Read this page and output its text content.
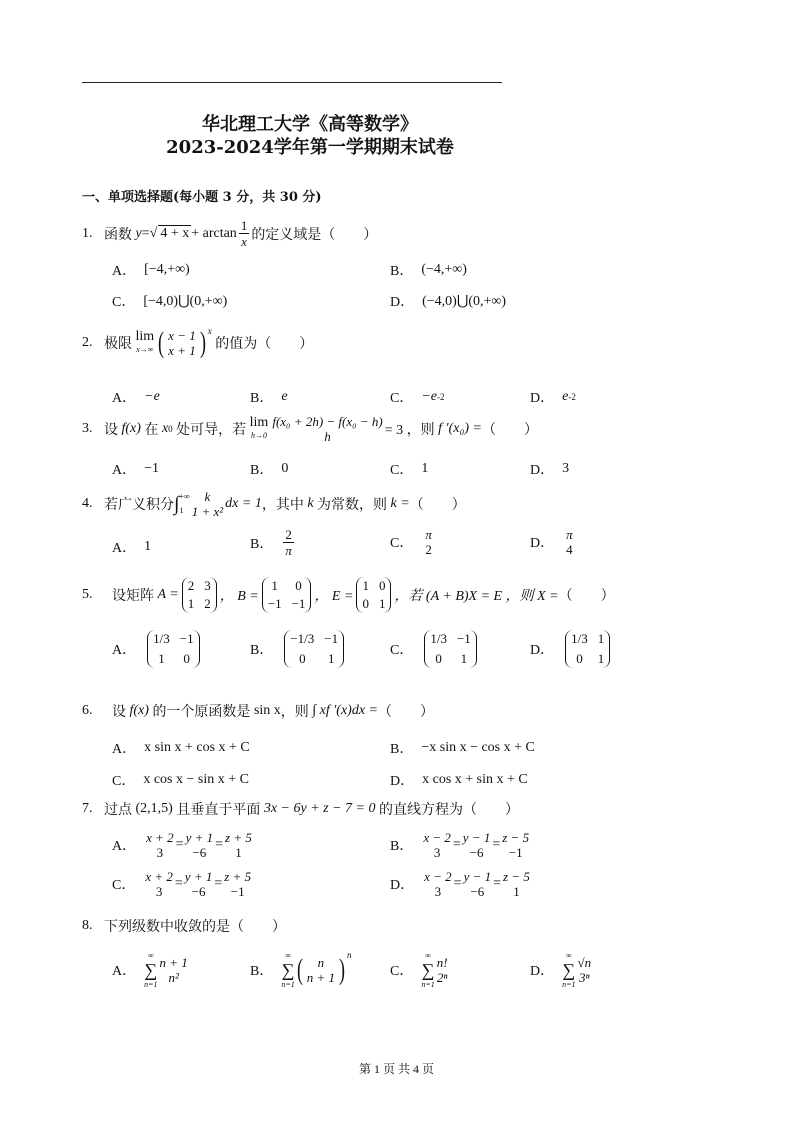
华北理工大学《高等数学》
2023-2024学年第一学期期末试卷
一、单项选择题(每小题 3 分，共 30 分)
1. 函数
y = √ $4 + x + \arctan \frac{1}{x}$ 的定义域是（　　）
A． [−4,+∞)	B． (−4,+∞)
C． [−4,0)⋃(0,+∞)	D． (−4,0)⋃(0,+∞)
2. 极限

lim
x→∞ ( x − 1
x + 1 ) x

的值为（　　）
A． −e	B． e	C． −e -2	D． e -2
3. 设
f(x)
在
x 0
处可导，若

lim
h→0
f(x₀ + 2h) − f(x₀ − h)
h	= 3 ，则
f ′(x₀) = （　　）
A． −1	B． 0	C． 1	D． 3
4. 若广义积分 ∫ +∞
1
k
1 + x²
dx = 1 ，其中
k
为常数，则
k = （　　）
A． 1	B． $\frac{2}{\pi}$	C．
π
2	D．
π
4
5.	设矩阵
A =
2 3
1 2 ， B =
1 0
−1 −1 ， E =
1 0
0 1 ，若 (A + B)X = E ，则 X = （　　）
A．
1/3 −1
1	0
B．
−1/3 −1
0	1
C．
1/3 −1
0	1
D．
1/3 1
0	1
6.	设
f(x)
的一个原函数是
sin x ，则
∫ xf ′(x)dx = （　　）
A． x sin x + cos x + C	B． −x sin x − cos x + C
C． x cos x − sin x + C	D． x cos x + sin x + C
7. 过点
(2,1,5)
且垂直于平面
3x − 6y + z − 7 = 0
的直线方程为（　　）
A．
x + 2
3
= y + 1
−6
= z + 5
1	B．
x − 2
3
= y − 1
−6
= z − 5
−1
C．
x + 2
3
= y + 1
−6
= z + 5
−1	D．
x − 2
3
= y − 1
−6
= z − 5
1
8. 下列级数中收敛的是（　　）
A．
∞
∑
n=1
n + 1
n²	B．
∞
∑
n=1 ( n
n + 1 ) n
C．
∞
∑
n=1
n!
2ⁿ	D．
∞
∑
n=1
√n
3ⁿ
第 1 页 共 4 页
